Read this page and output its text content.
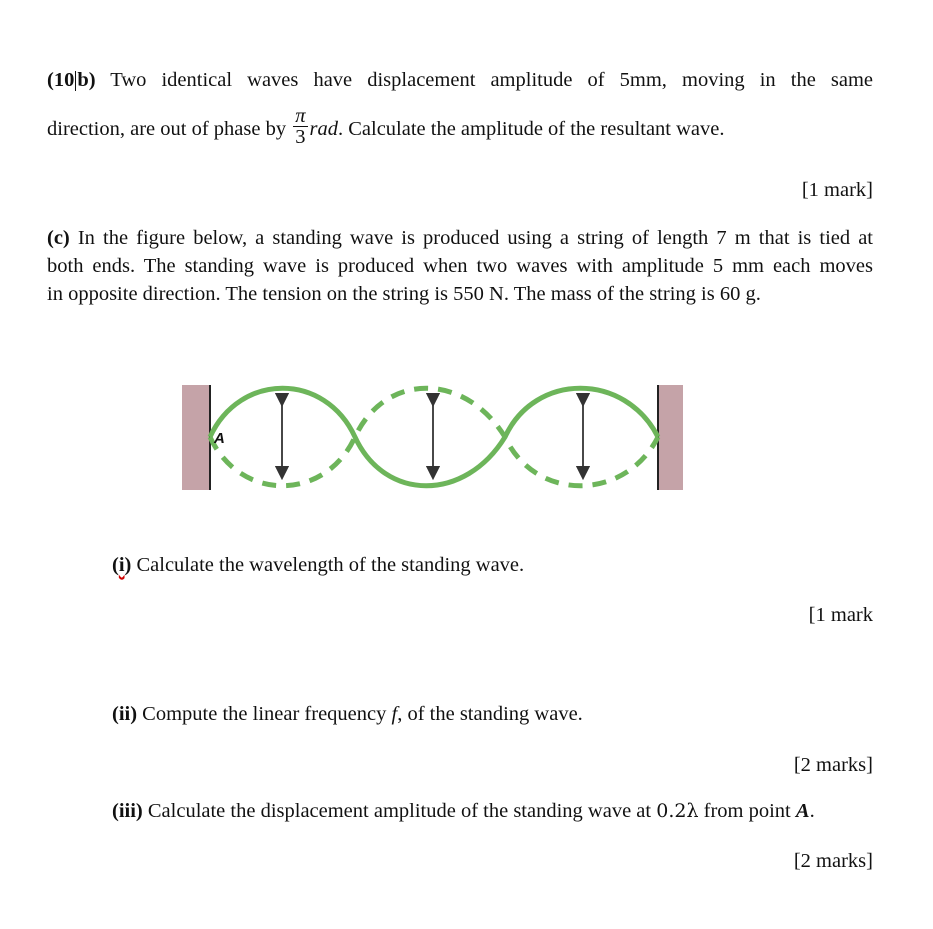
(10 b) Two identical waves have displacement amplitude of 5mm, moving in the same
direction, are out of phase by $\frac{\pi}{3}$ rad. Calculate the amplitude of the resultant wave.
[1 mark]
(c) In the figure below, a standing wave is produced using a string of length 7 m that is tied at
both ends. The standing wave is produced when two waves with amplitude 5 mm each moves
in opposite direction. The tension on the string is 550 N. The mass of the string is 60 g.
A
(i) Calculate the wavelength of the standing wave.
[1 mark
(ii) Compute the linear frequency f, of the standing wave.
[2 marks]
(iii) Calculate the displacement amplitude of the standing wave at 0.2λ from point A.
[2 marks]
